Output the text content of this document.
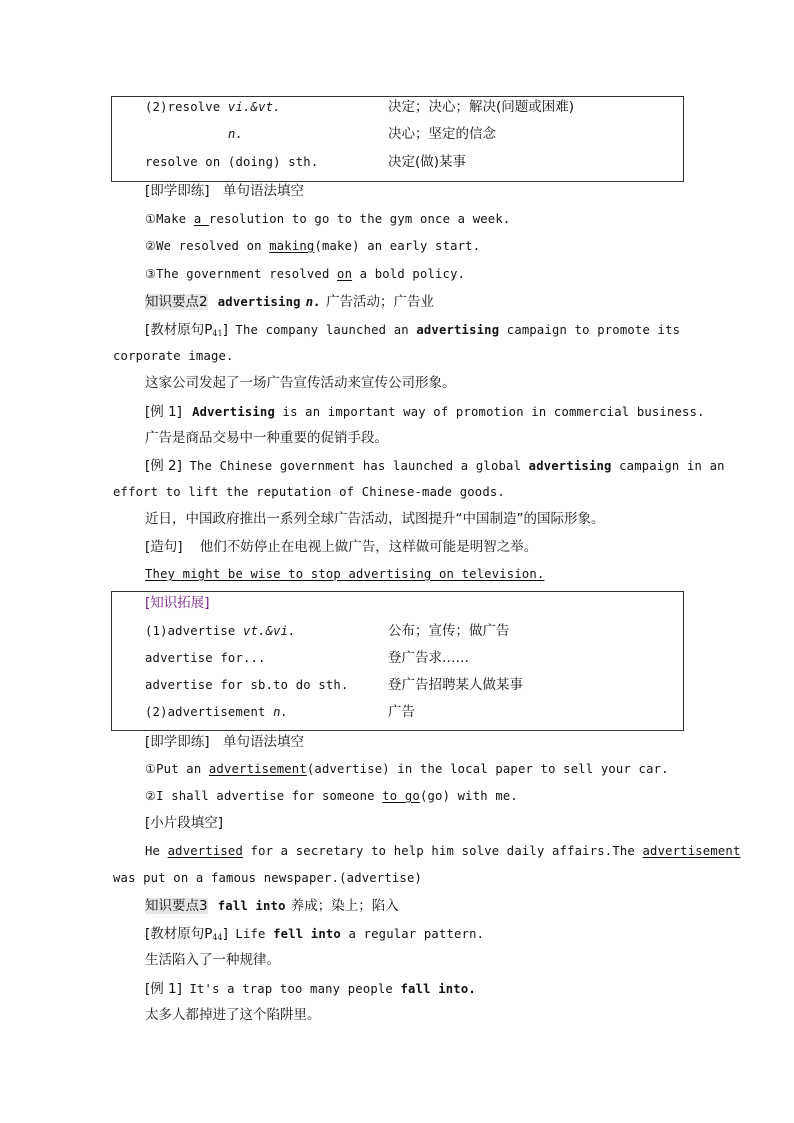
(2)resolve vi.&vt.	决定；决心；解决(问题或困难)
n.	决心；坚定的信念
resolve on (doing) sth.	决定(做)某事
[即学即练]　单句语法填空
①Make a resolution to go to the gym once a week.
②We resolved on making(make) an early start.
③The government resolved on a bold policy.
知识要点2 advertising n. 广告活动；广告业
[教材原句$P_{41}$] The company launched an advertising campaign to promote its
corporate image.
这家公司发起了一场广告宣传活动来宣传公司形象。
[例 1] Advertising is an important way of promotion in commercial business.
广告是商品交易中一种重要的促销手段。
[例 2] The Chinese government has launched a global advertising campaign in an
effort to lift the reputation of Chinese-made goods.
近日，中国政府推出一系列全球广告活动，试图提升“中国制造”的国际形象。
[造句] 他们不妨停止在电视上做广告，这样做可能是明智之举。
They might be wise to stop advertising on television.
[知识拓展]
(1)advertise vt.&vi.	公布；宣传；做广告
advertise for...	登广告求……
advertise for sb.to do sth.	登广告招聘某人做某事
(2)advertisement n.	广告
[即学即练]　单句语法填空
①Put an advertisement(advertise) in the local paper to sell your car.
②I shall advertise for someone to go(go) with me.
[小片段填空]
He advertised for a secretary to help him solve daily affairs.The advertisement
was put on a famous newspaper.(advertise)
知识要点3 fall into 养成；染上；陷入
[教材原句$P_{44}$] Life fell into a regular pattern.
生活陷入了一种规律。
[例 1] It's a trap too many people fall into.
太多人都掉进了这个陷阱里。
